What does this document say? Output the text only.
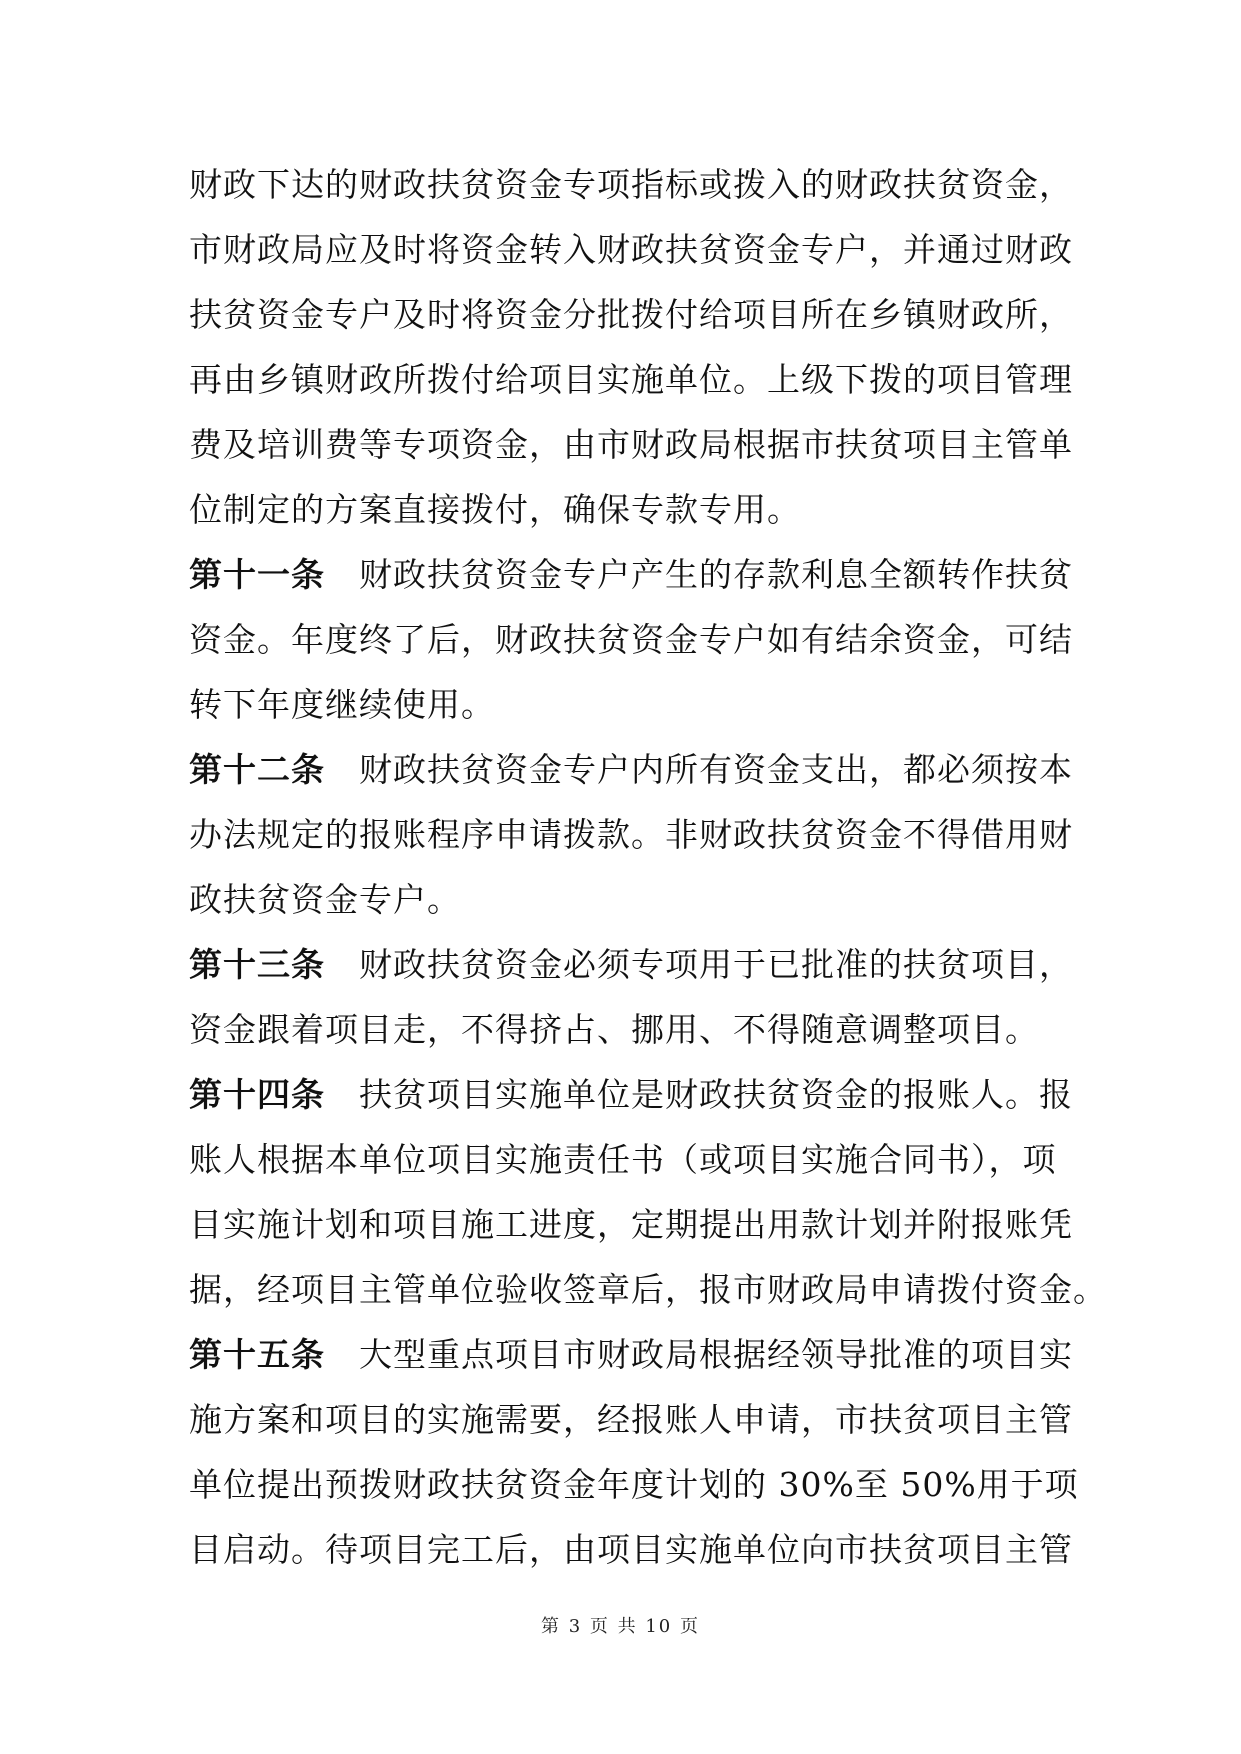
财政下达的财政扶贫资金专项指标或拨入的财政扶贫资金，
市财政局应及时将资金转入财政扶贫资金专户，并通过财政
扶贫资金专户及时将资金分批拨付给项目所在乡镇财政所，
再由乡镇财政所拨付给项目实施单位。上级下拨的项目管理
费及培训费等专项资金，由市财政局根据市扶贫项目主管单
位制定的方案直接拨付，确保专款专用。
第十一条 财政扶贫资金专户产生的存款利息全额转作扶贫
资金。年度终了后，财政扶贫资金专户如有结余资金，可结
转下年度继续使用。
第十二条 财政扶贫资金专户内所有资金支出，都必须按本
办法规定的报账程序申请拨款。非财政扶贫资金不得借用财
政扶贫资金专户。
第十三条 财政扶贫资金必须专项用于已批准的扶贫项目，
资金跟着项目走，不得挤占、挪用、不得随意调整项目。
第十四条 扶贫项目实施单位是财政扶贫资金的报账人。报
账人根据本单位项目实施责任书（或项目实施合同书），项
目实施计划和项目施工进度，定期提出用款计划并附报账凭
据，经项目主管单位验收签章后，报市财政局申请拨付资金。
第十五条 大型重点项目市财政局根据经领导批准的项目实
施方案和项目的实施需要，经报账人申请，市扶贫项目主管
单位提出预拨财政扶贫资金年度计划的 30%至 50%用于项
目启动。待项目完工后，由项目实施单位向市扶贫项目主管
第 3 页 共 10 页
